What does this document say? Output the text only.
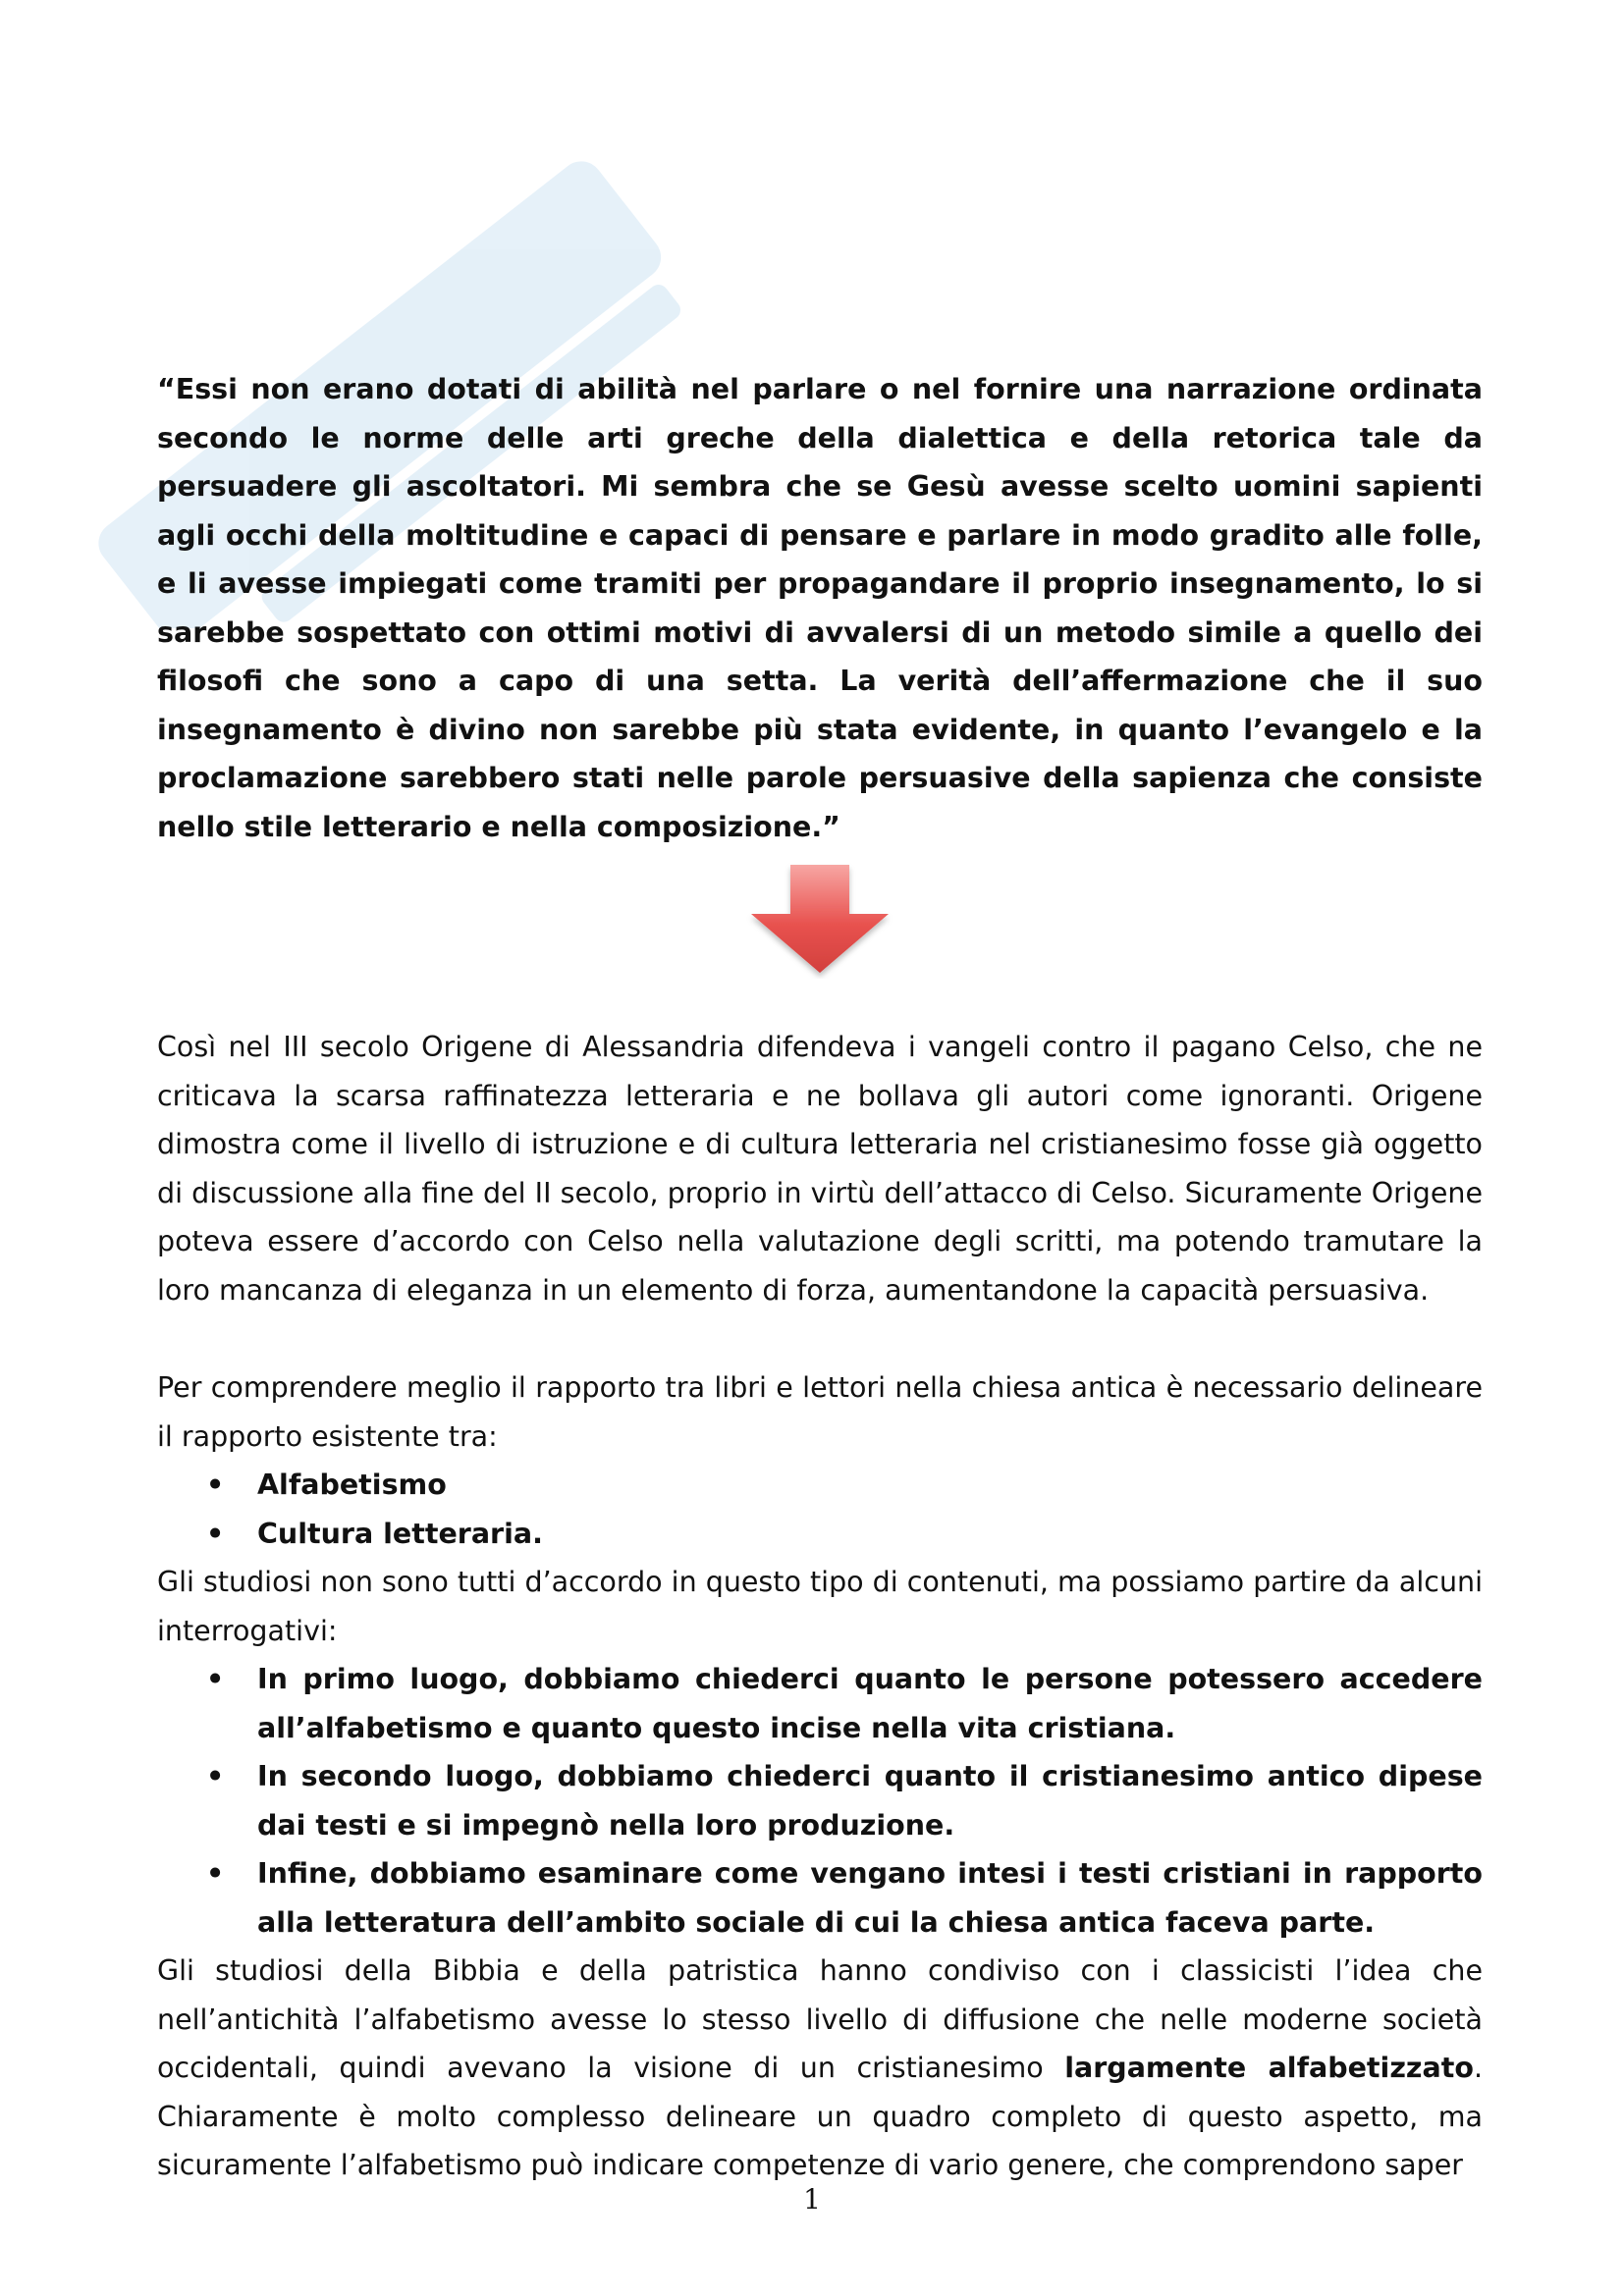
“Essi non erano dotati di abilità nel parlare o nel fornire una narrazione ordinata secondo le norme delle arti greche della dialettica e della retorica tale da persuadere gli ascoltatori. Mi sembra che se Gesù avesse scelto uomini sapienti agli occhi della moltitudine e capaci di pensare e parlare in modo gradito alle folle, e li avesse impiegati come tramiti per propagandare il proprio insegnamento, lo si sarebbe sospettato con ottimi motivi di avvalersi di un metodo simile a quello dei filosofi che sono a capo di una setta. La verità dell’affermazione che il suo insegnamento è divino non sarebbe più stata evidente, in quanto l’evangelo e la proclamazione sarebbero stati nelle parole persuasive della sapienza che consiste nello stile letterario e nella composizione.”

Così nel III secolo Origene di Alessandria difendeva i vangeli contro il pagano Celso, che ne criticava la scarsa raffinatezza letteraria e ne bollava gli autori come ignoranti. Origene dimostra come il livello di istruzione e di cultura letteraria nel cristianesimo fosse già oggetto di discussione alla fine del II secolo, proprio in virtù dell’attacco di Celso. Sicuramente Origene poteva essere d’accordo con Celso nella valutazione degli scritti, ma potendo tramutare la loro mancanza di eleganza in un elemento di forza, aumentandone la capacità persuasiva.

Per comprendere meglio il rapporto tra libri e lettori nella chiesa antica è necessario delineare il rapporto esistente tra:

• Alfabetismo
• Cultura letteraria.

Gli studiosi non sono tutti d’accordo in questo tipo di contenuti, ma possiamo partire da alcuni interrogativi:

• In primo luogo, dobbiamo chiederci quanto le persone potessero accedere all’alfabetismo e quanto questo incise nella vita cristiana.
• In secondo luogo, dobbiamo chiederci quanto il cristianesimo antico dipese dai testi e si impegnò nella loro produzione.
• Infine, dobbiamo esaminare come vengano intesi i testi cristiani in rapporto alla letteratura dell’ambito sociale di cui la chiesa antica faceva parte.

Gli studiosi della Bibbia e della patristica hanno condiviso con i classicisti l’idea che nell’antichità l’alfabetismo avesse lo stesso livello di diffusione che nelle moderne società occidentali, quindi avevano la visione di un cristianesimo largamente alfabetizzato. Chiaramente è molto complesso delineare un quadro completo di questo aspetto, ma sicuramente l’alfabetismo può indicare competenze di vario genere, che comprendono saper

1
